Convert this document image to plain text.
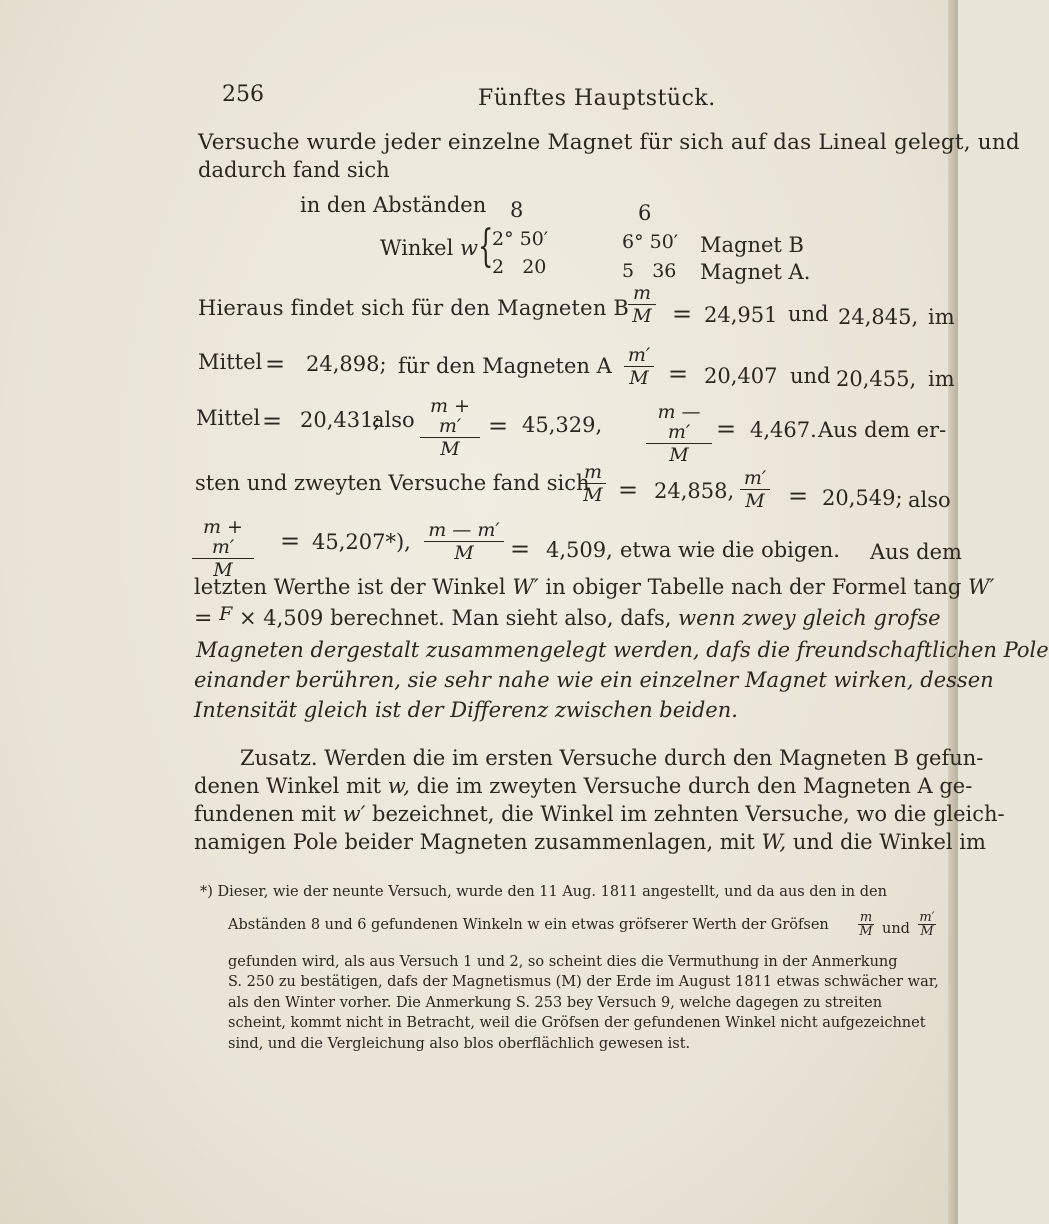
256	Fünftes Hauptstück.
Versuche wurde jeder einzelne Magnet für sich auf das Lineal gelegt, und
dadurch fand sich
in den Abständen 8	6
Winkel w {
2° 50′	6° 50′ Magnet B
2   20	5   36 Magnet A.
Hieraus findet sich für den Magneten B
m
M = 24,951 und 24,845, im
Mittel = 24,898; für den Magneten A m′
M = 20,407 und 20,455, im
Mittel = 20,431;
also
m + m′
M
= 45,329,
m — m′
M
= 4,467. Aus dem er-
sten und zweyten Versuche fand sich
m
M = 24,858,
m′
M = 20,549; also
m + m′
M
= 45,207*), m — m′
M	= 4,509, etwa wie die obigen. Aus dem
letzten Werthe ist der Winkel W′ in obiger Tabelle nach der Formel tang W′
= F × 4,509 berechnet. Man sieht also, dafs, wenn zwey gleich grofse
Magneten dergestalt zusammengelegt werden, dafs die freundschaftlichen Pole
einander berühren, sie sehr nahe wie ein einzelner Magnet wirken, dessen
Intensität gleich ist der Differenz zwischen beiden.
Zusatz. Werden die im ersten Versuche durch den Magneten B gefun-
denen Winkel mit w, die im zweyten Versuche durch den Magneten A ge-
fundenen mit w′ bezeichnet, die Winkel im zehnten Versuche, wo die gleich-
namigen Pole beider Magneten zusammenlagen, mit W, und die Winkel im
*) Dieser, wie der neunte Versuch, wurde den 11 Aug. 1811 angestellt, und da aus den in den
Abständen 8 und 6 gefundenen Winkeln w ein etwas gröfserer Werth der Gröfsen m
M und
m′
M
gefunden wird, als aus Versuch 1 und 2, so scheint dies die Vermuthung in der Anmerkung
S. 250 zu bestätigen, dafs der Magnetismus (M) der Erde im August 1811 etwas schwächer war,
als den Winter vorher. Die Anmerkung S. 253 bey Versuch 9, welche dagegen zu streiten
scheint, kommt nicht in Betracht, weil die Gröfsen der gefundenen Winkel nicht aufgezeichnet
sind, und die Vergleichung also blos oberflächlich gewesen ist.
